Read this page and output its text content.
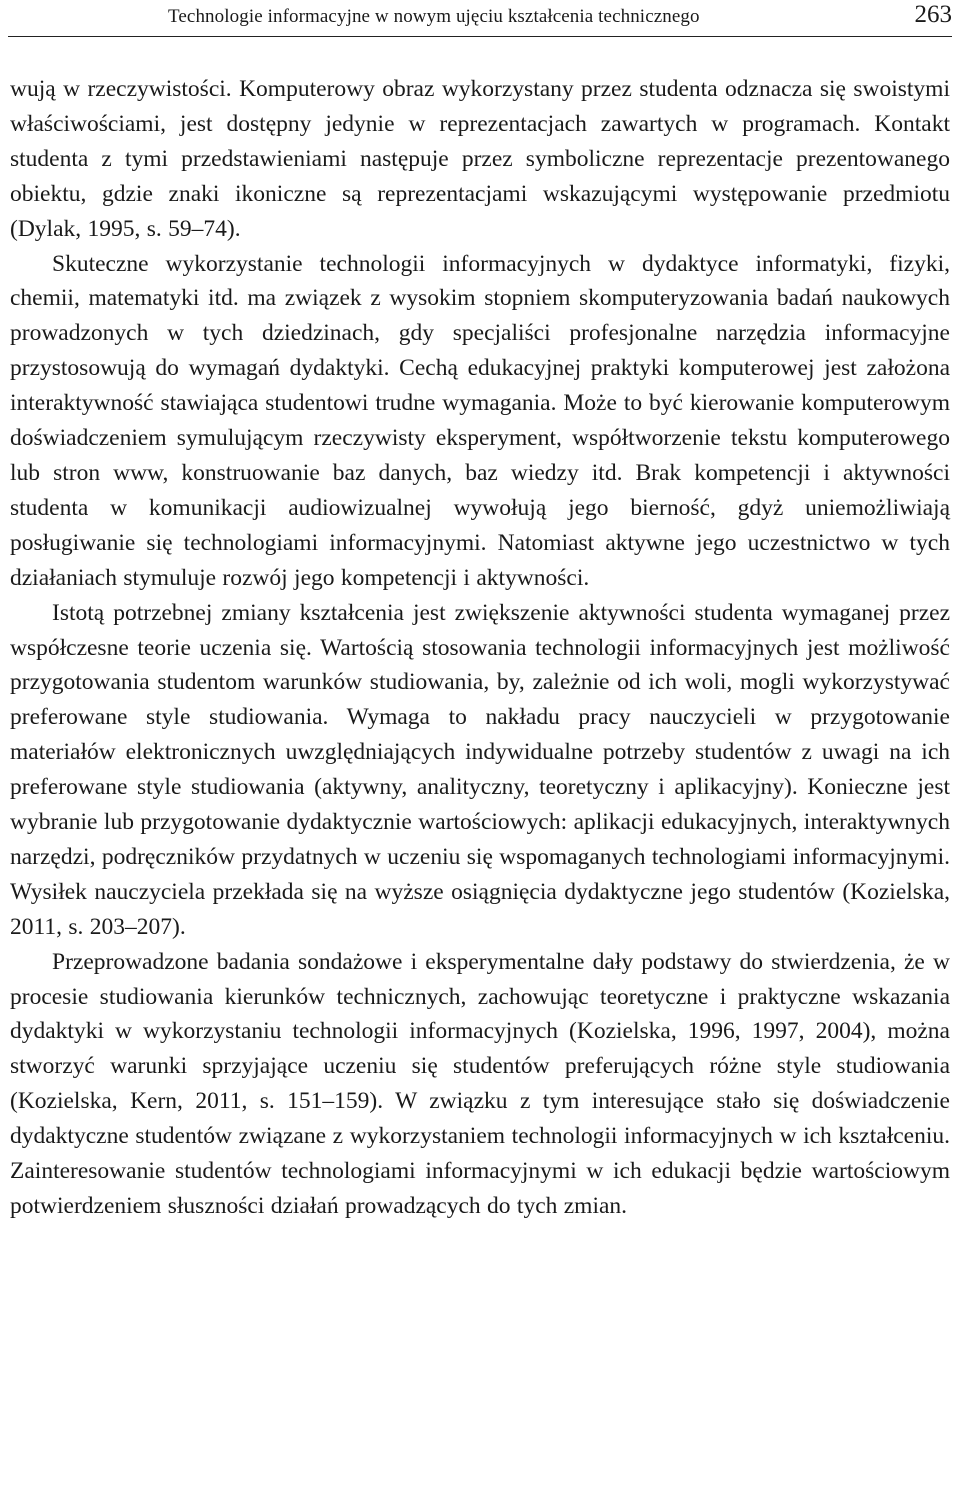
Technologie informacyjne w nowym ujęciu kształcenia technicznego	263

wują w rzeczywistości. Komputerowy obraz wykorzystany przez studenta odznacza się swoistymi właściwościami, jest dostępny jedynie w reprezentacjach zawartych w programach. Kontakt studenta z tymi przedstawieniami następuje przez symboliczne reprezentacje prezentowanego obiektu, gdzie znaki ikoniczne są reprezentacjami wskazującymi występowanie przedmiotu (Dylak, 1995, s. 59–74).

Skuteczne wykorzystanie technologii informacyjnych w dydaktyce informatyki, fizyki, chemii, matematyki itd. ma związek z wysokim stopniem skomputeryzowania badań naukowych prowadzonych w tych dziedzinach, gdy specjaliści profesjonalne narzędzia informacyjne przystosowują do wymagań dydaktyki. Cechą edukacyjnej praktyki komputerowej jest założona interaktywność stawiająca studentowi trudne wymagania. Może to być kierowanie komputerowym doświadczeniem symulującym rzeczywisty eksperyment, współtworzenie tekstu komputerowego lub stron www, konstruowanie baz danych, baz wiedzy itd. Brak kompetencji i aktywności studenta w komunikacji audiowizualnej wywołują jego bierność, gdyż uniemożliwiają posługiwanie się technologiami informacyjnymi. Natomiast aktywne jego uczestnictwo w tych działaniach stymuluje rozwój jego kompetencji i aktywności.

Istotą potrzebnej zmiany kształcenia jest zwiększenie aktywności studenta wymaganej przez współczesne teorie uczenia się. Wartością stosowania technologii informacyjnych jest możliwość przygotowania studentom warunków studiowania, by, zależnie od ich woli, mogli wykorzystywać preferowane style studiowania. Wymaga to nakładu pracy nauczycieli w przygotowanie materiałów elektronicznych uwzględniających indywidualne potrzeby studentów z uwagi na ich preferowane style studiowania (aktywny, analityczny, teoretyczny i aplikacyjny). Konieczne jest wybranie lub przygotowanie dydaktycznie wartościowych: aplikacji edukacyjnych, interaktywnych narzędzi, podręczników przydatnych w uczeniu się wspomaganych technologiami informacyjnymi. Wysiłek nauczyciela przekłada się na wyższe osiągnięcia dydaktyczne jego studentów (Kozielska, 2011, s. 203–207).

Przeprowadzone badania sondażowe i eksperymentalne dały podstawy do stwierdzenia, że w procesie studiowania kierunków technicznych, zachowując teoretyczne i praktyczne wskazania dydaktyki w wykorzystaniu technologii informacyjnych (Kozielska, 1996, 1997, 2004), można stworzyć warunki sprzyjające uczeniu się studentów preferujących różne style studiowania (Kozielska, Kern, 2011, s. 151–159). W związku z tym interesujące stało się doświadczenie dydaktyczne studentów związane z wykorzystaniem technologii informacyjnych w ich kształceniu. Zainteresowanie studentów technologiami informacyjnymi w ich edukacji będzie wartościowym potwierdzeniem słuszności działań prowadzących do tych zmian.
